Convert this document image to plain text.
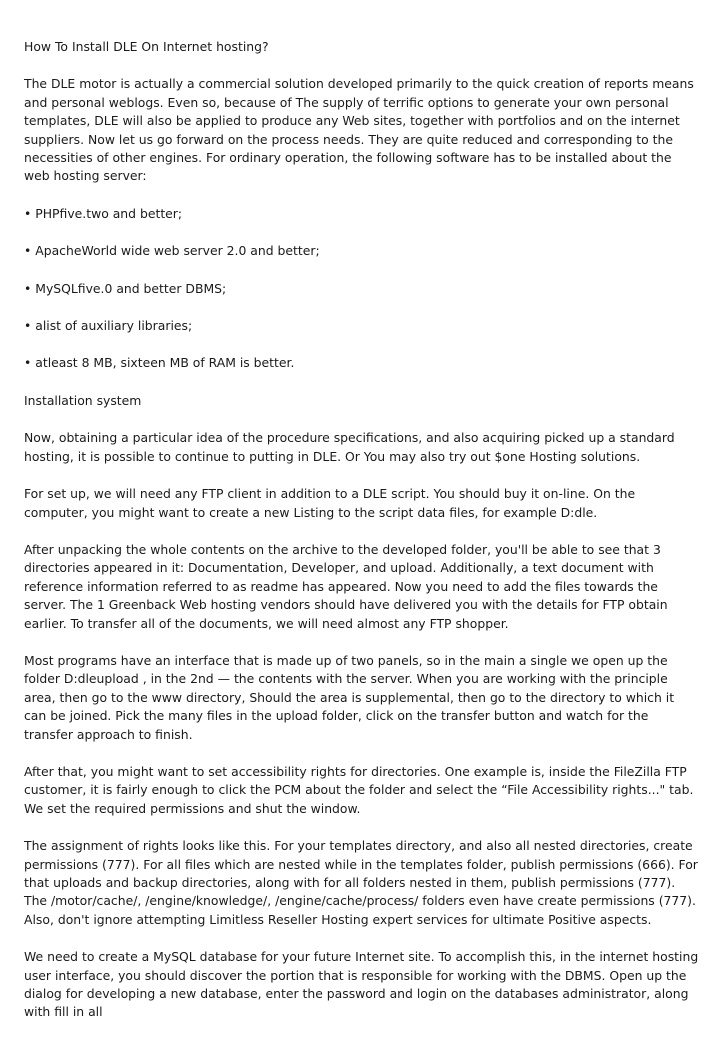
How To Install DLE On Internet hosting?

The DLE motor is actually a commercial solution developed primarily to the quick creation of reports means and personal weblogs. Even so, because of The supply of terrific options to generate your own personal templates, DLE will also be applied to produce any Web sites, together with portfolios and on the internet suppliers. Now let us go forward on the process needs. They are quite reduced and corresponding to the necessities of other engines. For ordinary operation, the following software has to be installed about the web hosting server:

• PHPfive.two and better;

• ApacheWorld wide web server 2.0 and better;

• MySQLfive.0 and better DBMS;

• alist of auxiliary libraries;

• atleast 8 MB, sixteen MB of RAM is better.

Installation system

Now, obtaining a particular idea of the procedure specifications, and also acquiring picked up a standard hosting, it is possible to continue to putting in DLE. Or You may also try out $one Hosting solutions.

For set up, we will need any FTP client in addition to a DLE script. You should buy it on-line. On the computer, you might want to create a new Listing to the script data files, for example D:dle.

After unpacking the whole contents on the archive to the developed folder, you'll be able to see that 3 directories appeared in it: Documentation, Developer, and upload. Additionally, a text document with reference information referred to as readme has appeared. Now you need to add the files towards the server. The 1 Greenback Web hosting vendors should have delivered you with the details for FTP obtain earlier. To transfer all of the documents, we will need almost any FTP shopper.

Most programs have an interface that is made up of two panels, so in the main a single we open up the folder D:dleupload , in the 2nd — the contents with the server. When you are working with the principle area, then go to the www directory, Should the area is supplemental, then go to the directory to which it can be joined. Pick the many files in the upload folder, click on the transfer button and watch for the transfer approach to finish.

After that, you might want to set accessibility rights for directories. One example is, inside the FileZilla FTP customer, it is fairly enough to click the PCM about the folder and select the “File Accessibility rights..." tab. We set the required permissions and shut the window.

The assignment of rights looks like this. For your templates directory, and also all nested directories, create permissions (777). For all files which are nested while in the templates folder, publish permissions (666). For that uploads and backup directories, along with for all folders nested in them, publish permissions (777). The /motor/cache/, /engine/knowledge/, /engine/cache/process/ folders even have create permissions (777). Also, don't ignore attempting Limitless Reseller Hosting expert services for ultimate Positive aspects.

We need to create a MySQL database for your future Internet site. To accomplish this, in the internet hosting user interface, you should discover the portion that is responsible for working with the DBMS. Open up the dialog for developing a new database, enter the password and login on the databases administrator, along with fill in all
